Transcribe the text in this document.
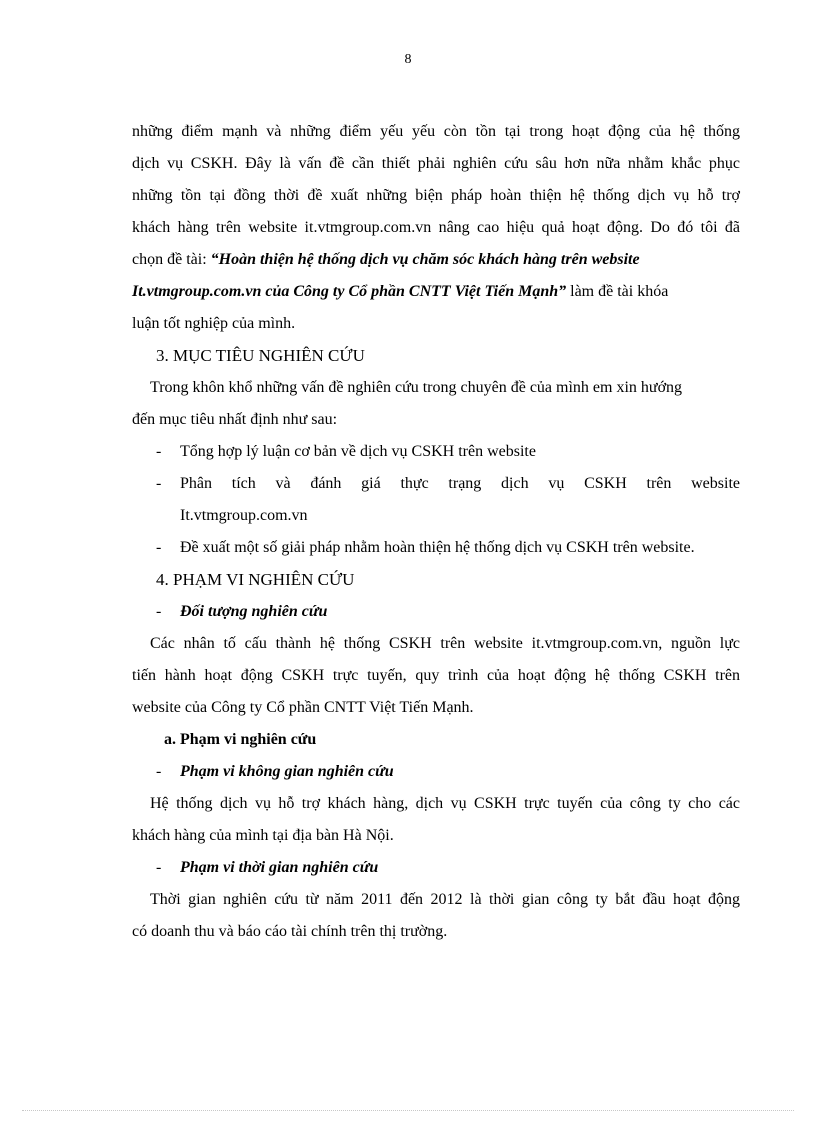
8
những điểm mạnh và những điểm yếu yếu còn tồn tại trong hoạt động của hệ thống
dịch vụ CSKH. Đây là vấn đề cần thiết phải nghiên cứu sâu hơn nữa nhằm khắc phục
những tồn tại đồng thời đề xuất những biện pháp hoàn thiện hệ thống dịch vụ hỗ trợ
khách hàng trên website it.vtmgroup.com.vn nâng cao hiệu quả hoạt động. Do đó tôi đã
chọn đề tài: “Hoàn thiện hệ thống dịch vụ chăm sóc khách hàng trên website
It.vtmgroup.com.vn của Công ty Cổ phần CNTT Việt Tiến Mạnh” làm đề tài khóa
luận tốt nghiệp của mình.
3. MỤC TIÊU NGHIÊN CỨU
Trong khôn khổ những vấn đề nghiên cứu trong chuyên đề của mình em xin hướng
đến mục tiêu nhất định như sau:
- Tổng hợp lý luận cơ bản về dịch vụ CSKH trên website
- Phân tích và đánh giá thực trạng dịch vụ CSKH trên website
It.vtmgroup.com.vn
- Đề xuất một số giải pháp nhằm hoàn thiện hệ thống dịch vụ CSKH trên website.
4. PHẠM VI NGHIÊN CỨU
- Đối tượng nghiên cứu
Các nhân tố cấu thành hệ thống CSKH trên website it.vtmgroup.com.vn, nguồn lực
tiến hành hoạt động CSKH trực tuyến, quy trình của hoạt động hệ thống CSKH trên
website của Công ty Cổ phần CNTT Việt Tiến Mạnh.
a. Phạm vi nghiên cứu
- Phạm vi không gian nghiên cứu
Hệ thống dịch vụ hỗ trợ khách hàng, dịch vụ CSKH trực tuyến của công ty cho các
khách hàng của mình tại địa bàn Hà Nội.
- Phạm vi thời gian nghiên cứu
Thời gian nghiên cứu từ năm 2011 đến 2012 là thời gian công ty bắt đầu hoạt động
có doanh thu và báo cáo tài chính trên thị trường.
